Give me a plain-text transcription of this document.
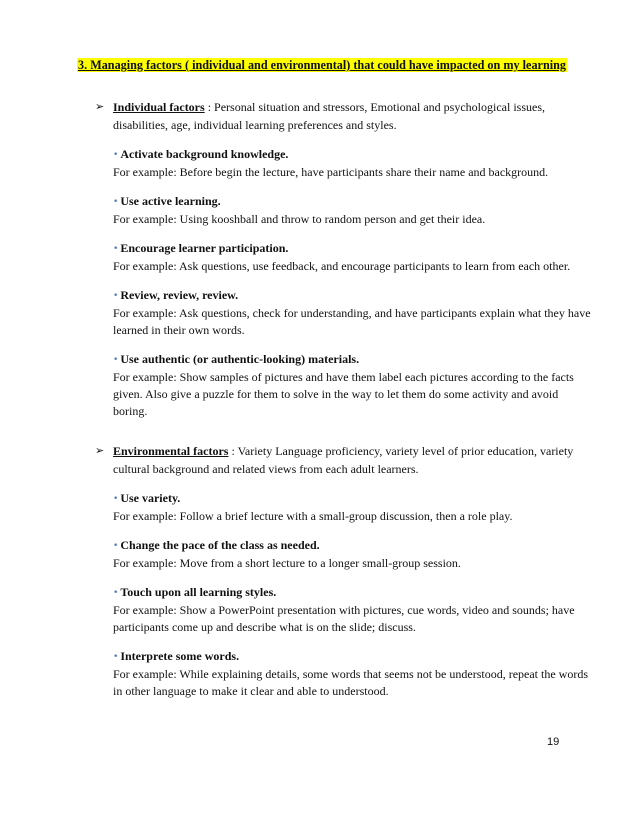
3. Managing factors ( individual and environmental) that could have impacted on my learning
➢ Individual factors : Personal situation and stressors, Emotional and psychological issues, disabilities, age, individual learning preferences and styles.
• Activate background knowledge.
For example: Before begin the lecture, have participants share their name and background.
• Use active learning.
For example: Using kooshball and throw to random person and get their idea.
• Encourage learner participation.
For example: Ask questions, use feedback, and encourage participants to learn from each other.
• Review, review, review.
For example: Ask questions, check for understanding, and have participants explain what they have learned in their own words.
• Use authentic (or authentic-looking) materials.
For example: Show samples of pictures and have them label each pictures according to the facts given. Also give a puzzle for them to solve in the way to let them do some activity and avoid boring.
➢ Environmental factors : Variety Language proficiency, variety level of prior education, variety cultural background and related views from each adult learners.
• Use variety.
For example: Follow a brief lecture with a small-group discussion, then a role play.
• Change the pace of the class as needed.
For example: Move from a short lecture to a longer small-group session.
• Touch upon all learning styles.
For example: Show a PowerPoint presentation with pictures, cue words, video and sounds; have participants come up and describe what is on the slide; discuss.
• Interprete some words.
For example: While explaining details, some words that seems not be understood, repeat the words in other language to make it clear and able to understood.
19
